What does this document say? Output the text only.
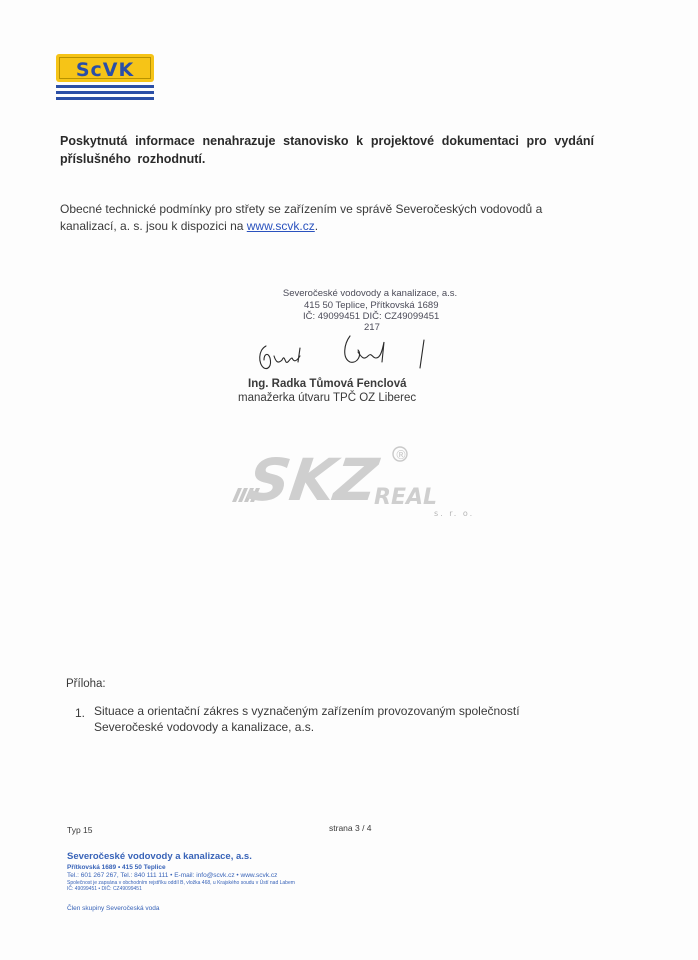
ScVK
Poskytnutá informace nenahrazuje stanovisko k projektové dokumentaci pro vydání příslušného rozhodnutí.
Obecné technické podmínky pro střety se zařízením ve správě Severočeských vodovodů a kanalizací, a. s. jsou k dispozici na www.scvk.cz.
Severočeské vodovody a kanalizace, a.s.
415 50 Teplice, Přítkovská 1689
IČ: 49099451 DIČ: CZ49099451
217
Ing. Radka Tůmová Fenclová
manažerka útvaru TPČ OZ Liberec
SKZ
REAL
®
s. r. o.
Příloha:
1. Situace a orientační zákres s vyznačeným zařízením provozovaným společností Severočeské vodovody a kanalizace, a.s.
Typ 15	strana 3 / 4
Severočeské vodovody a kanalizace, a.s.
Přítkovská 1689 • 415 50 Teplice
Tel.: 601 267 267, Tel.: 840 111 111 • E-mail: info@scvk.cz • www.scvk.cz
Společnost je zapsána v obchodním rejstříku oddíl B, vložka 468, u Krajského soudu v Ústí nad Labem
IČ: 49099451 • DIČ: CZ49099451
Člen skupiny Severočeská voda
